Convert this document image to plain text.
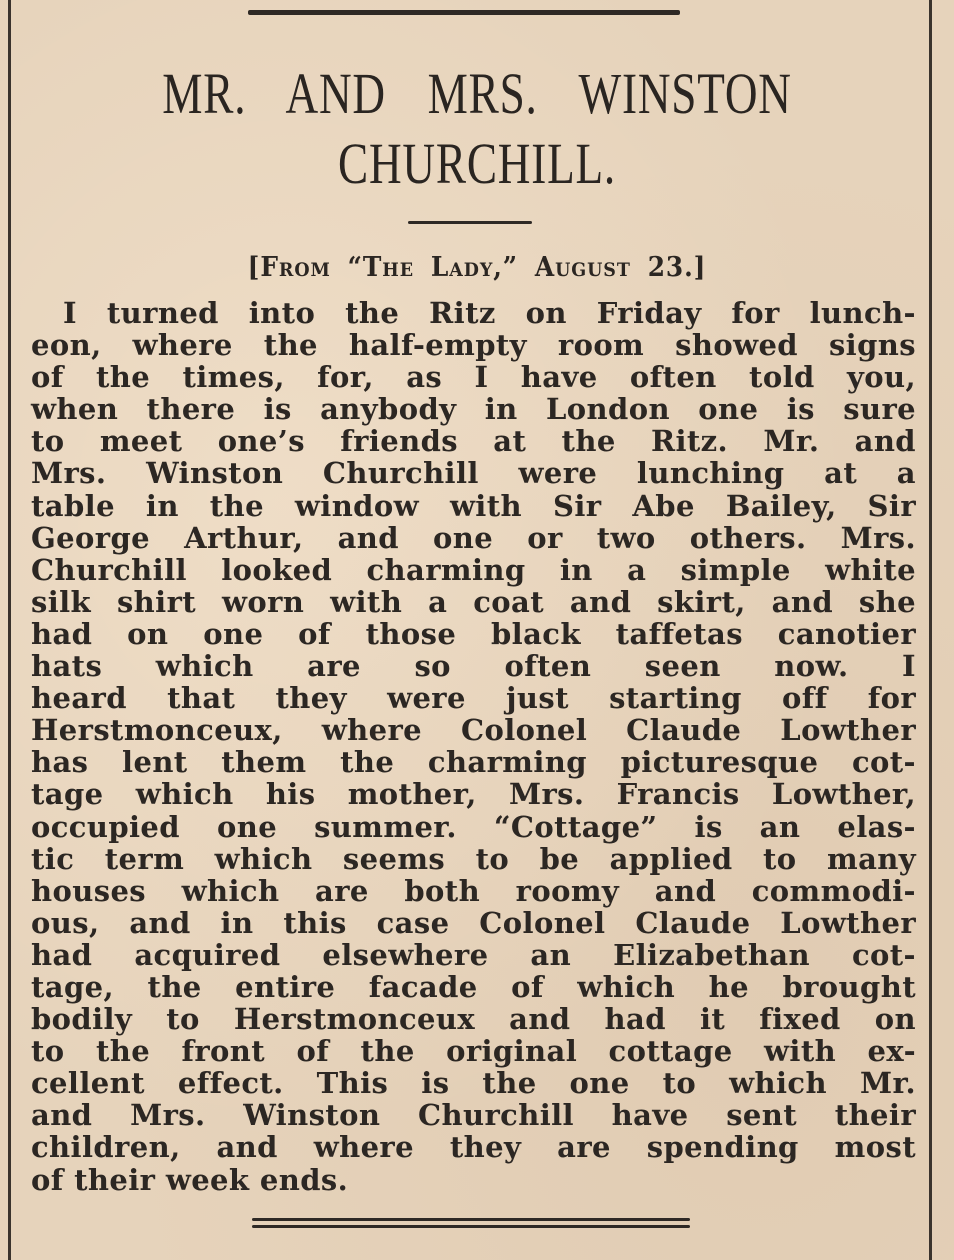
MR. AND MRS. WINSTON
CHURCHILL.
[From “The Lady,” August 23.]
I turned into the Ritz on Friday for lunch-
eon, where the half-empty room showed signs
of the times, for, as I have often told you,
when there is anybody in London one is sure
to meet one’s friends at the Ritz. Mr. and
Mrs. Winston Churchill were lunching at a
table in the window with Sir Abe Bailey, Sir
George Arthur, and one or two others. Mrs.
Churchill looked charming in a simple white
silk shirt worn with a coat and skirt, and she
had on one of those black taffetas canotier
hats which are so often seen now. I
heard that they were just starting off for
Herstmonceux, where Colonel Claude Lowther
has lent them the charming picturesque cot-
tage which his mother, Mrs. Francis Lowther,
occupied one summer. “Cottage” is an elas-
tic term which seems to be applied to many
houses which are both roomy and commodi-
ous, and in this case Colonel Claude Lowther
had acquired elsewhere an Elizabethan cot-
tage, the entire facade of which he brought
bodily to Herstmonceux and had it fixed on
to the front of the original cottage with ex-
cellent effect. This is the one to which Mr.
and Mrs. Winston Churchill have sent their
children, and where they are spending most
of their week ends.
